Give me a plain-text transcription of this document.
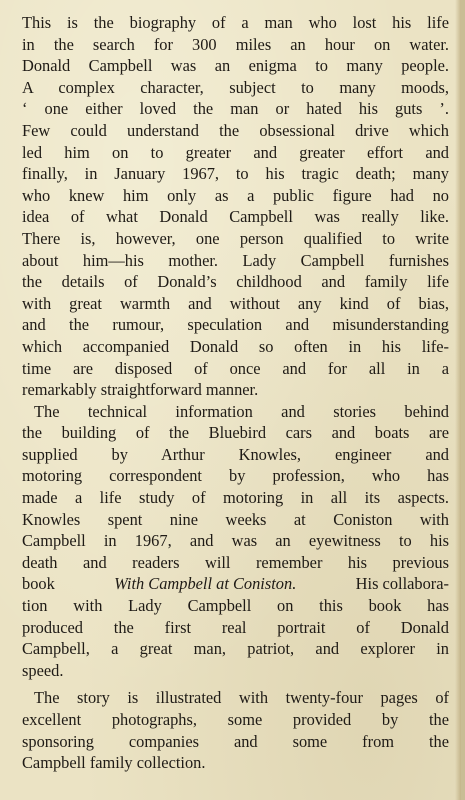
This is the biography of a man who lost his life
in the search for 300 miles an hour on water.
Donald Campbell was an enigma to many people.
A complex character, subject to many moods,
‘ one either loved the man or hated his guts ’.
Few could understand the obsessional drive which
led him on to greater and greater effort and
finally, in January 1967, to his tragic death; many
who knew him only as a public figure had no
idea of what Donald Campbell was really like.
There is, however, one person qualified to write
about him—his mother. Lady Campbell furnishes
the details of Donald’s childhood and family life
with great warmth and without any kind of bias,
and the rumour, speculation and misunderstanding
which accompanied Donald so often in his life-
time are disposed of once and for all in a
remarkably straightforward manner.
The technical information and stories behind
the building of the Bluebird cars and boats are
supplied by Arthur Knowles, engineer and
motoring correspondent by profession, who has
made a life study of motoring in all its aspects.
Knowles spent nine weeks at Coniston with
Campbell in 1967, and was an eyewitness to his
death and readers will remember his previous
book	With Campbell at Coniston.	His collabora-
tion with Lady Campbell on this book has
produced the first real portrait of Donald
Campbell, a great man, patriot, and explorer in
speed.
The story is illustrated with twenty-four pages of
excellent photographs, some provided by the
sponsoring companies and some from the
Campbell family collection.
